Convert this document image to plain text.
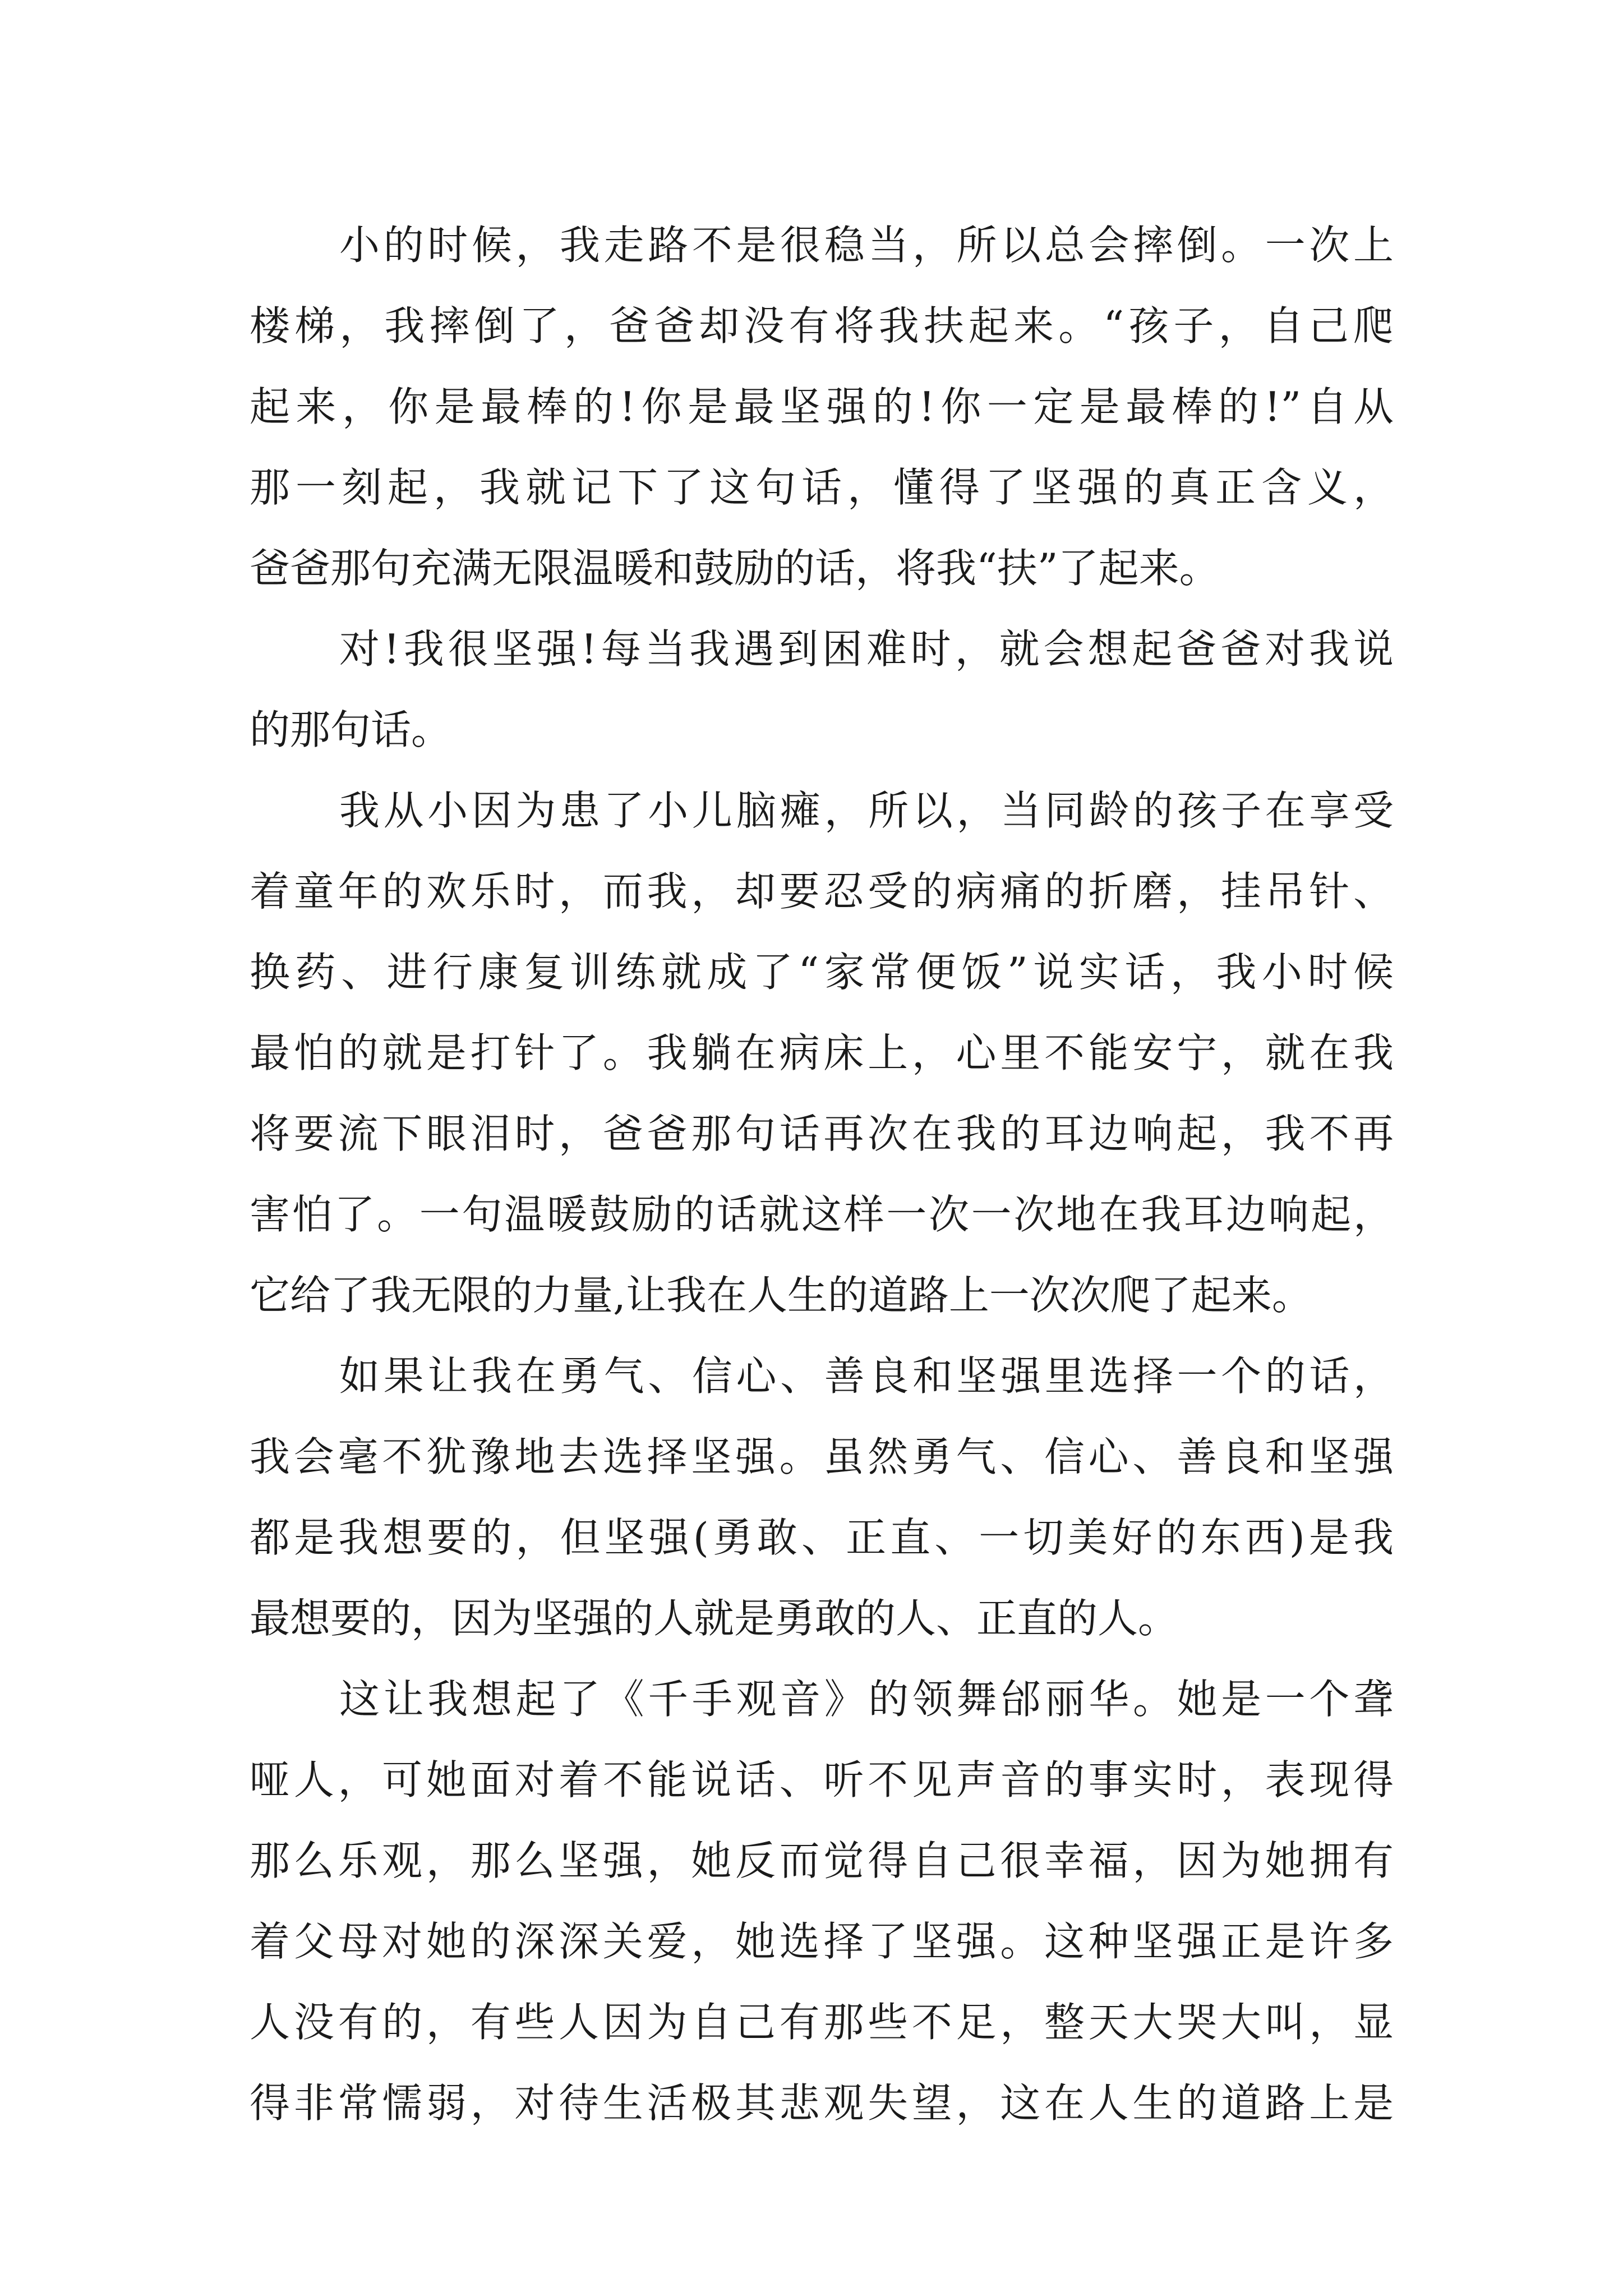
小的时候，我走路不是很稳当，所以总会摔倒。一次上
楼梯，我摔倒了，爸爸却没有将我扶起来。“孩子，自己爬
起来，你是最棒的!你是最坚强的!你一定是最棒的!”自从
那一刻起，我就记下了这句话，懂得了坚强的真正含义，
爸爸那句充满无限温暖和鼓励的话，将我“扶”了起来。
对!我很坚强!每当我遇到困难时，就会想起爸爸对我说
的那句话。
我从小因为患了小儿脑瘫，所以，当同龄的孩子在享受
着童年的欢乐时，而我，却要忍受的病痛的折磨，挂吊针、
换药、进行康复训练就成了“家常便饭”说实话，我小时候
最怕的就是打针了。我躺在病床上，心里不能安宁，就在我
将要流下眼泪时，爸爸那句话再次在我的耳边响起，我不再
害怕了。一句温暖鼓励的话就这样一次一次地在我耳边响起，
它给了我无限的力量,让我在人生的道路上一次次爬了起来。
如果让我在勇气、信心、善良和坚强里选择一个的话，
我会毫不犹豫地去选择坚强。虽然勇气、信心、善良和坚强
都是我想要的，但坚强(勇敢、正直、一切美好的东西)是我
最想要的，因为坚强的人就是勇敢的人、正直的人。
这让我想起了《千手观音》的领舞邰丽华。她是一个聋
哑人，可她面对着不能说话、听不见声音的事实时，表现得
那么乐观，那么坚强，她反而觉得自己很幸福，因为她拥有
着父母对她的深深关爱，她选择了坚强。这种坚强正是许多
人没有的，有些人因为自己有那些不足，整天大哭大叫，显
得非常懦弱，对待生活极其悲观失望，这在人生的道路上是
